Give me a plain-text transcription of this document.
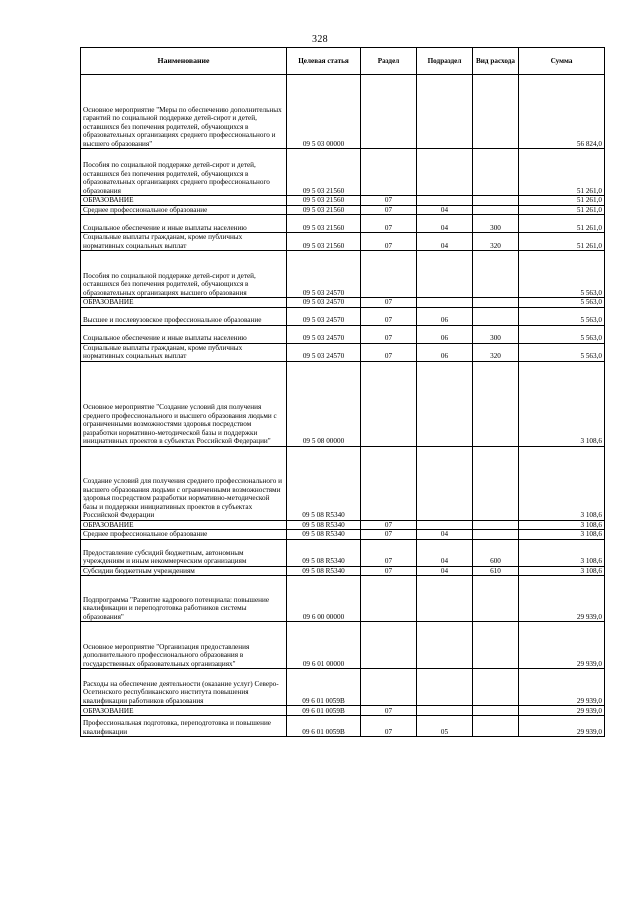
328
Наименование	Целевая статья	Раздел	Подраздел	Вид расхода	Сумма
Основное мероприятие "Меры по обеспечению дополнительных гарантий по социальной поддержке детей-сирот и детей, оставшихся без попечения родителей, обучающихся в образовательных организациях среднего профессионального и высшего образования"	09 5 03 00000				56 824,0
Пособия по социальной поддержке детей-сирот и детей, оставшихся без попечения родителей, обучающихся в образовательных организациях среднего профессионального образования	09 5 03 21560				51 261,0
ОБРАЗОВАНИЕ	09 5 03 21560	07			51 261,0
Среднее профессиональное образование	09 5 03 21560	07	04		51 261,0
Социальное обеспечение и иные выплаты населению	09 5 03 21560	07	04	300	51 261,0
Социальные выплаты гражданам, кроме публичных нормативных социальных выплат	09 5 03 21560	07	04	320	51 261,0
Пособия по социальной поддержке детей-сирот и детей, оставшихся без попечения родителей, обучающихся в образовательных организациях высшего образования	09 5 03 24570				5 563,0
ОБРАЗОВАНИЕ	09 5 03 24570	07			5 563,0
Высшее и послевузовское профессиональное образование	09 5 03 24570	07	06		5 563,0
Социальное обеспечение и иные выплаты населению	09 5 03 24570	07	06	300	5 563,0
Социальные выплаты гражданам, кроме публичных нормативных социальных выплат	09 5 03 24570	07	06	320	5 563,0
Основное мероприятие "Создание условий для получения среднего профессионального и высшего образования людьми с ограниченными возможностями здоровья посредством разработки нормативно-методической базы и поддержки инициативных проектов в субъектах Российской Федерации"	09 5 08 00000				3 108,6
Создание условий для получения среднего профессионального и высшего образования людьми с ограниченными возможностями здоровья посредством разработки нормативно-методической базы и поддержки инициативных проектов в субъектах Российской Федерации	09 5 08 R5340				3 108,6
ОБРАЗОВАНИЕ	09 5 08 R5340	07			3 108,6
Среднее профессиональное образование	09 5 08 R5340	07	04		3 108,6
Предоставление субсидий бюджетным, автономным учреждениям и иным некоммерческим организациям	09 5 08 R5340	07	04	600	3 108,6
Субсидии бюджетным учреждениям	09 5 08 R5340	07	04	610	3 108,6
Подпрограмма "Развитие кадрового потенциала: повышение квалификации и переподготовка работников системы образования"	09 6 00 00000				29 939,0
Основное мероприятие "Организация предоставления дополнительного профессионального образования в государственных образовательных организациях"	09 6 01 00000				29 939,0
Расходы на обеспечение деятельности (оказание услуг) Северо-Осетинского республиканского института повышения квалификации работников образования	09 6 01 0059В				29 939,0
ОБРАЗОВАНИЕ	09 6 01 0059В	07			29 939,0
Профессиональная подготовка, переподготовка и повышение квалификации	09 6 01 0059В	07	05		29 939,0
